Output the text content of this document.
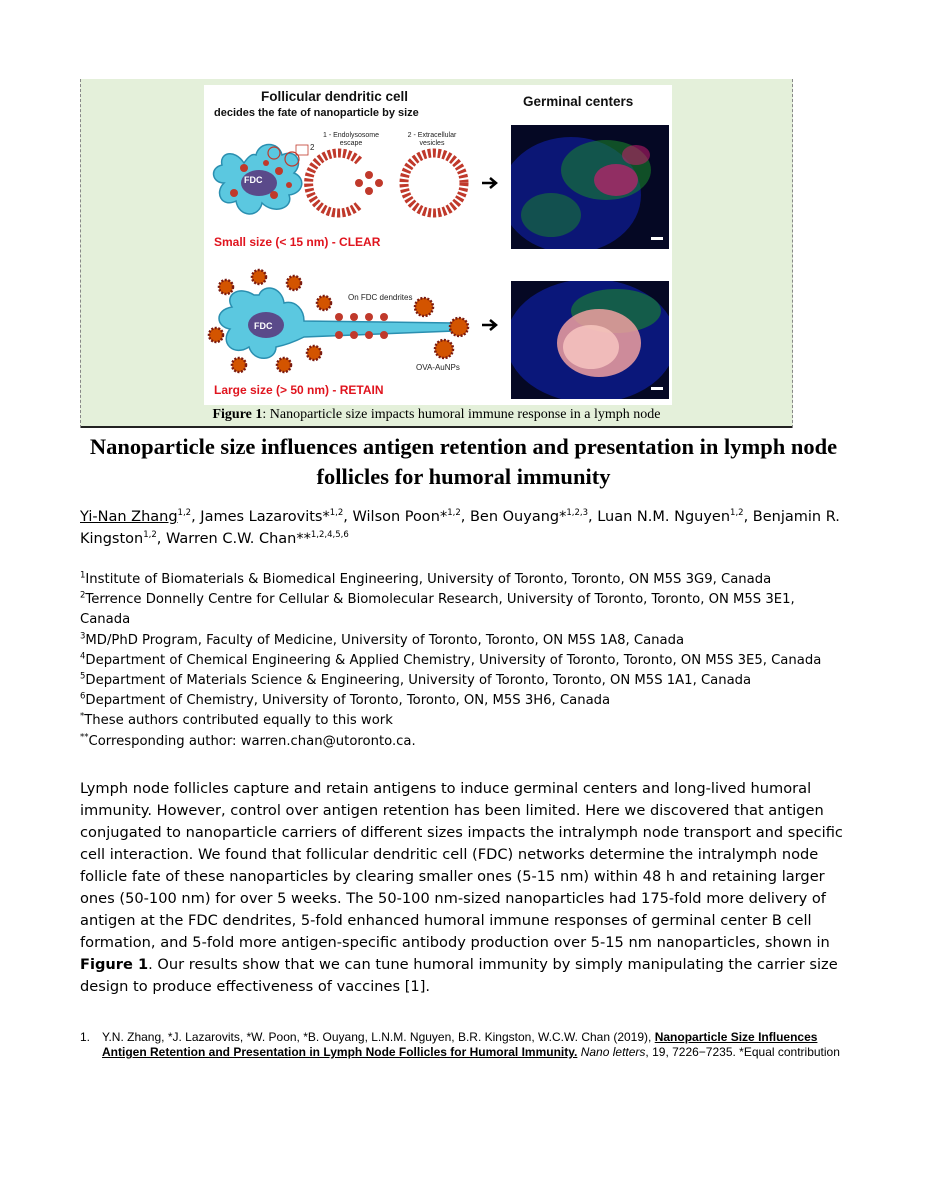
Follicular dendritic cell
decides the fate of nanoparticle by size
Germinal centers
FDC
1 - Endolysosome escape
2 - Extracellular vesicles
2
Small size (< 15 nm) - CLEAR
FDC
On FDC dendrites
OVA-AuNPs
Large size (> 50 nm) - RETAIN
Figure 1: Nanoparticle size impacts humoral immune response in a lymph node
Nanoparticle size influences antigen retention and presentation in lymph node follicles for humoral immunity
Yi-Nan Zhang$^{1,2}$, James Lazarovits*$^{1,2}$, Wilson Poon*$^{1,2}$, Ben Ouyang*$^{1,2,3}$, Luan N.M. Nguyen$^{1,2}$, Benjamin R. Kingston$^{1,2}$, Warren C.W. Chan**$^{1,2,4,5,6}$
$^1$Institute of Biomaterials & Biomedical Engineering, University of Toronto, Toronto, ON M5S 3G9, Canada
$^2$Terrence Donnelly Centre for Cellular & Biomolecular Research, University of Toronto, Toronto, ON M5S 3E1,
Canada
$^3$MD/PhD Program, Faculty of Medicine, University of Toronto, Toronto, ON M5S 1A8, Canada
$^4$Department of Chemical Engineering & Applied Chemistry, University of Toronto, Toronto, ON M5S 3E5, Canada
$^5$Department of Materials Science & Engineering, University of Toronto, Toronto, ON M5S 1A1, Canada
$^6$Department of Chemistry, University of Toronto, Toronto, ON, M5S 3H6, Canada
*These authors contributed equally to this work
**Corresponding author: warren.chan@utoronto.ca.
Lymph node follicles capture and retain antigens to induce germinal centers and long-lived humoral immunity. However, control over antigen retention has been limited. Here we discovered that antigen conjugated to nanoparticle carriers of different sizes impacts the intralymph node transport and specific cell interaction. We found that follicular dendritic cell (FDC) networks determine the intralymph node follicle fate of these nanoparticles by clearing smaller ones (5-15 nm) within 48 h and retaining larger ones (50-100 nm) for over 5 weeks. The 50-100 nm-sized nanoparticles had 175-fold more delivery of antigen at the FDC dendrites, 5-fold enhanced humoral immune responses of germinal center B cell formation, and 5-fold more antigen-specific antibody production over 5-15 nm nanoparticles, shown in Figure 1. Our results show that we can tune humoral immunity by simply manipulating the carrier size design to produce effectiveness of vaccines [1].
1. Y.N. Zhang, *J. Lazarovits, *W. Poon, *B. Ouyang, L.N.M. Nguyen, B.R. Kingston, W.C.W. Chan (2019), Nanoparticle Size Influences Antigen Retention and Presentation in Lymph Node Follicles for Humoral Immunity. Nano letters, 19, 7226−7235. *Equal contribution
